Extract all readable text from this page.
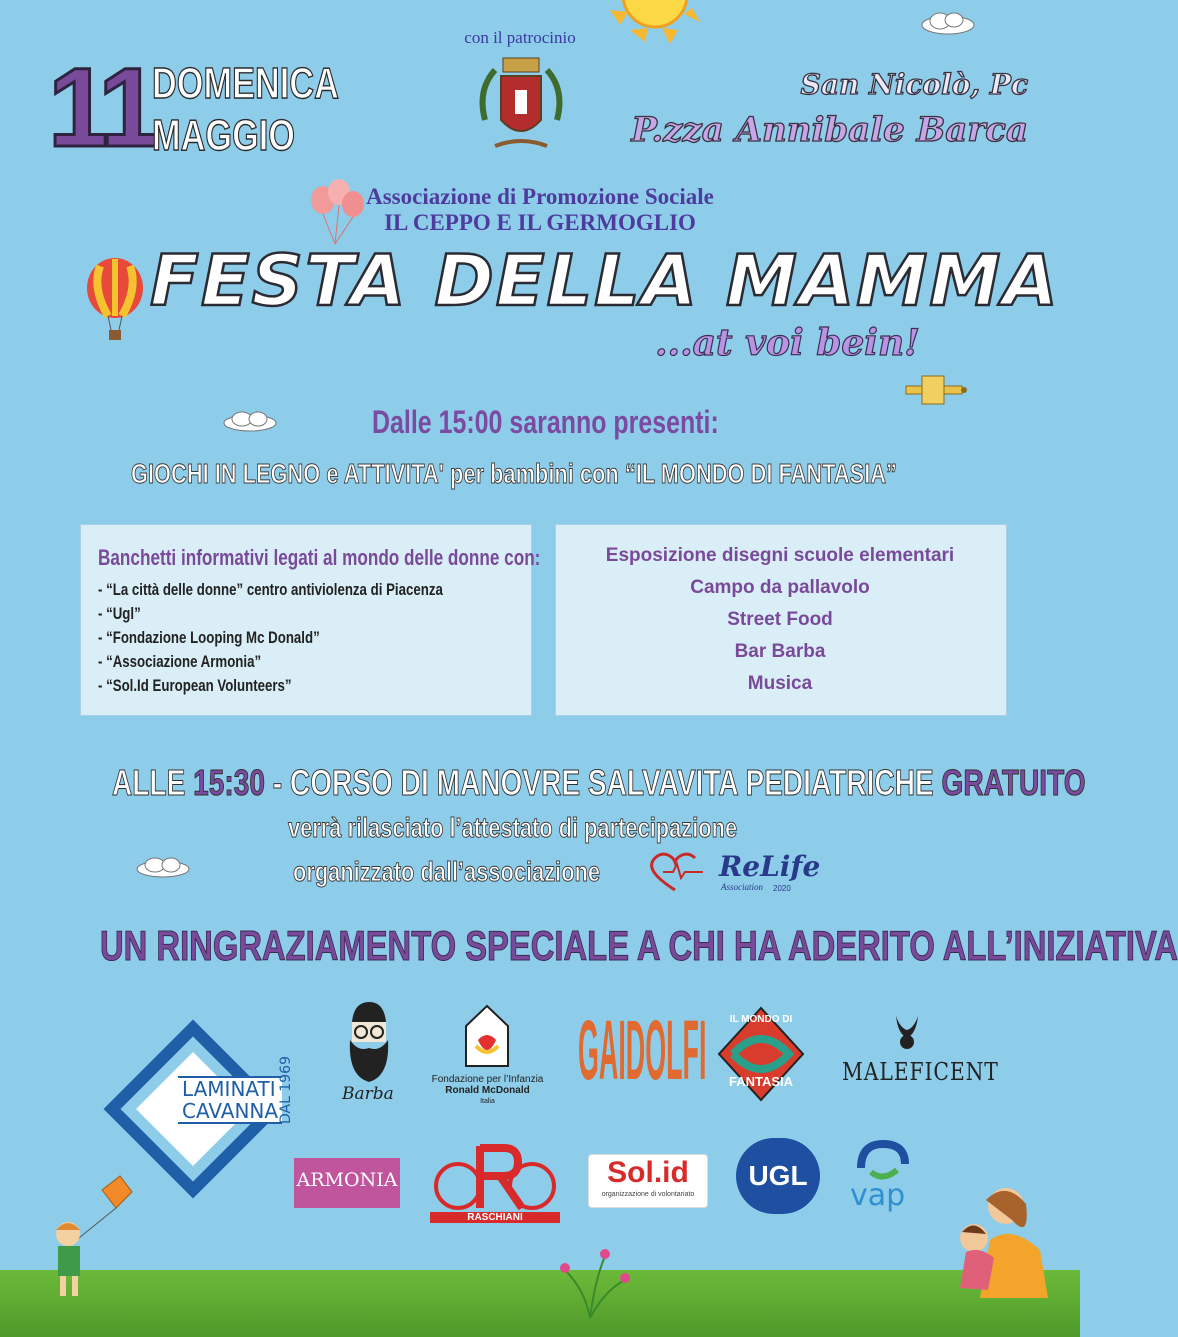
11
DOMENICA
MAGGIO
con il patrocinio
San Nicolò, Pc
P.zza Annibale Barca
Associazione di Promozione Sociale
IL CEPPO E IL GERMOGLIO
FESTA DELLA MAMMA
...at voi bein!
Dalle 15:00 saranno presenti:
GIOCHI IN LEGNO e ATTIVITA' per bambini con “IL MONDO DI FANTASIA”
Banchetti informativi legati al mondo delle donne con:
- “La città delle donne” centro antiviolenza di Piacenza
- “Ugl”
- “Fondazione Looping Mc Donald”
- “Associazione Armonia”
- “Sol.Id European Volunteers”
Esposizione disegni scuole elementari
Campo da pallavolo
Street Food
Bar Barba
Musica
ALLE 15:30 - CORSO DI MANOVRE SALVAVITA PEDIATRICHE GRATUITO
verrà rilasciato l’attestato di partecipazione
organizzato dall’associazione	ReLife
Association 2020
UN RINGRAZIAMENTO SPECIALE A CHI HA ADERITO ALL’INIZIATIVA
LAMINATI
CAVANNA DAL 1969	Barba
Fondazione per l’Infanzia
Ronald McDonald
Italia
GAIDOLFI	IL MONDO DI
FANTASIA	MALEFICENT
ARMONIA
RASCHIANI
Sol.id
organizzazione di volontariato
UGL
vap
